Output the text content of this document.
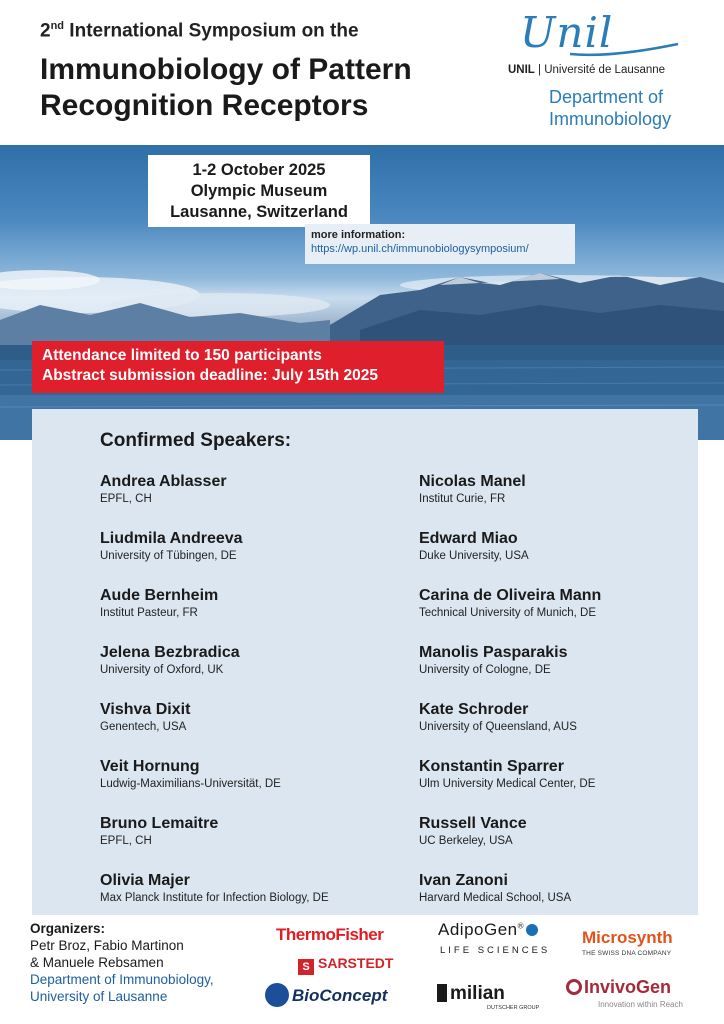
2nd International Symposium on the
Immunobiology of Pattern
Recognition Receptors
Unil
UNIL | Université de Lausanne
Department of
Immunobiology
1-2 October 2025
Olympic Museum
Lausanne, Switzerland
more information:
https://wp.unil.ch/immunobiologysymposium/
Attendance limited to 150 participants
Abstract submission deadline: July 15th 2025
Confirmed Speakers:
Andrea Ablasser
EPFL, CH
Liudmila Andreeva
University of Tübingen, DE
Aude Bernheim
Institut Pasteur, FR
Jelena Bezbradica
University of Oxford, UK
Vishva Dixit
Genentech, USA
Veit Hornung
Ludwig-Maximilians-Universität, DE
Bruno Lemaitre
EPFL, CH
Olivia Majer
Max Planck Institute for Infection Biology, DE
Nicolas Manel
Institut Curie, FR
Edward Miao
Duke University, USA
Carina de Oliveira Mann
Technical University of Munich, DE
Manolis Pasparakis
University of Cologne, DE
Kate Schroder
University of Queensland, AUS
Konstantin Sparrer
Ulm University Medical Center, DE
Russell Vance
UC Berkeley, USA
Ivan Zanoni
Harvard Medical School, USA
Organizers:
Petr Broz, Fabio Martinon
& Manuele Rebsamen
Department of Immunobiology,
University of Lausanne
ThermoFisher
S SARSTEDT
BioConcept
AdipoGen®
LIFE SCIENCES
milian
DUTSCHER GROUP
Microsynth
THE SWISS DNA COMPANY
InvivoGen
Innovation within Reach
